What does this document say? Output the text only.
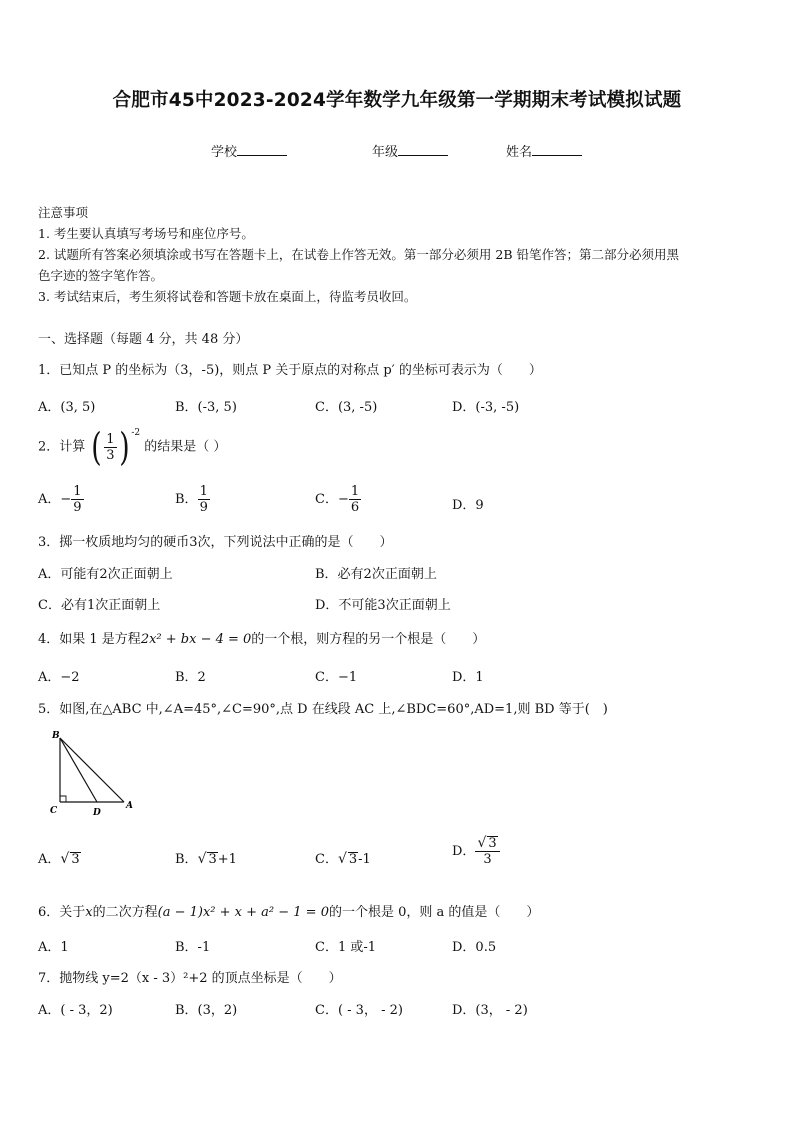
合肥市45中2023-2024学年数学九年级第一学期期末考试模拟试题
学校	年级	姓名
注意事项
1. 考生要认真填写考场号和座位序号。
2. 试题所有答案必须填涂或书写在答题卡上，在试卷上作答无效。第一部分必须用 2B 铅笔作答；第二部分必须用黑
色字迹的签字笔作答。
3. 考试结束后，考生须将试卷和答题卡放在桌面上，待监考员收回。
一、选择题（每题 4 分，共 48 分）
1．已知点 P 的坐标为（3，-5)，则点 P 关于原点的对称点 p′ 的坐标可表示为（　　）
A．(3, 5)	B．(-3, 5)	C．(3, -5)	D．(-3, -5)
2．计算 ( $\frac{1}{3}$ ) $^{-2}$ 的结果是（ ）
A．− $\frac{1}{9}$	B． $\frac{1}{9}$	C．− $\frac{1}{6}$	D．9
3．掷一枚质地均匀的硬币3次，下列说法中正确的是（　　）
A．可能有2次正面朝上	B．必有2次正面朝上
C．必有1次正面朝上	D．不可能3次正面朝上
4．如果 1 是方程2x² + bx − 4 = 0的一个根，则方程的另一个根是（　　）
A．−2	B．2	C．−1	D．1
5．如图,在△ABC 中,∠A=45°,∠C=90°,点 D 在线段 AC 上,∠BDC=60°,AD=1,则 BD 等于(　)
B
C	D
A
A．√ 3	B．√ 3+1	C．√ 3-1
D． $\frac{√ 3}{3}$
6．关于x的二次方程(a − 1)x² + x + a² − 1 = 0的一个根是 0，则 a 的值是（　　）
A．1	B．-1	C．1 或-1	D．0.5
7．抛物线 y=2（x - 3）²+2 的顶点坐标是（　　）
A．( - 3，2)	B．(3，2)	C．( - 3， - 2)	D．(3， - 2)
